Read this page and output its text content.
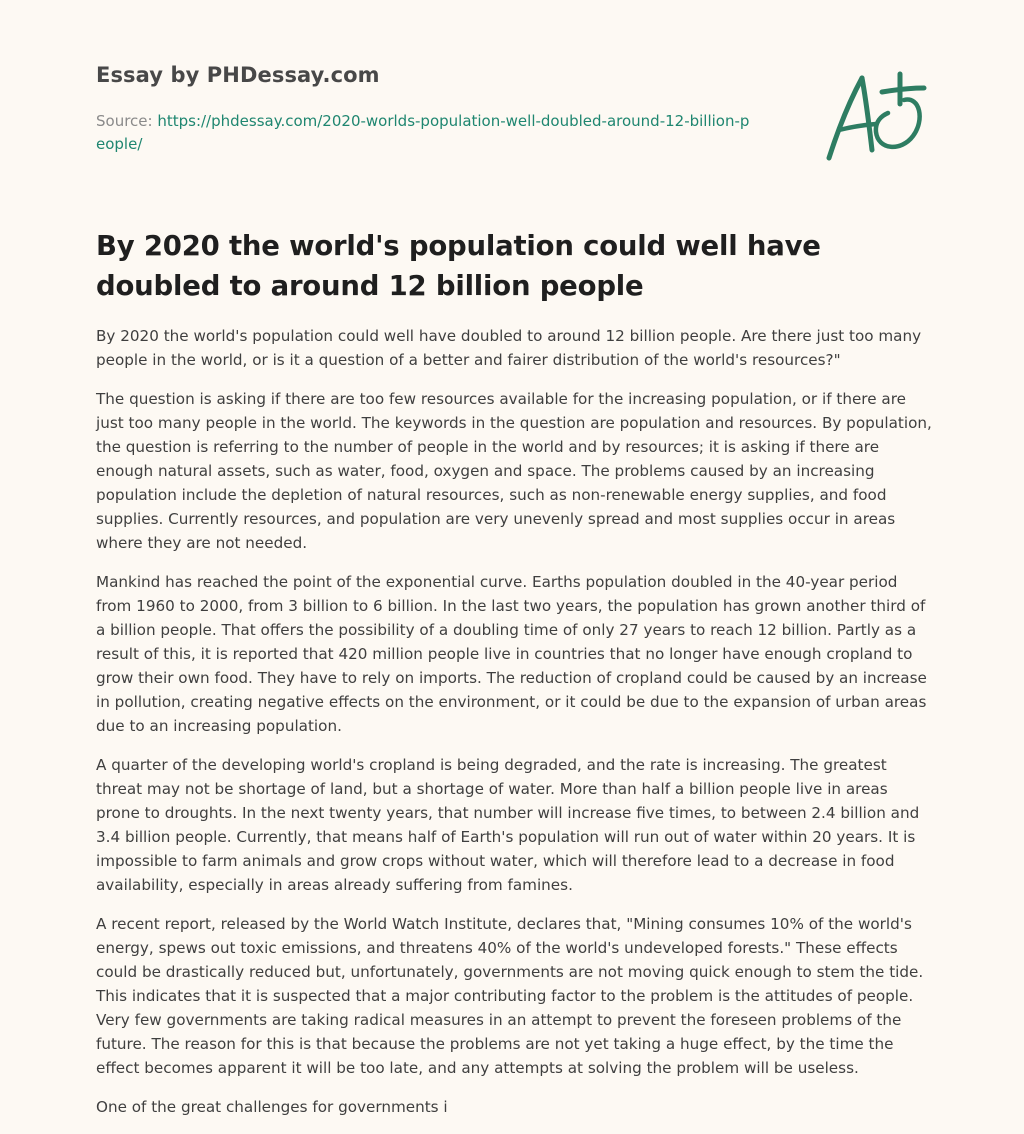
Essay by PHDessay.com

Source: https://phdessay.com/2020-worlds-population-well-doubled-around-12-billion-people/

By 2020 the world's population could well have doubled to around 12 billion people

By 2020 the world's population could well have doubled to around 12 billion people. Are there just too many people in the world, or is it a question of a better and fairer distribution of the world's resources?"

The question is asking if there are too few resources available for the increasing population, or if there are just too many people in the world. The keywords in the question are population and resources. By population, the question is referring to the number of people in the world and by resources; it is asking if there are enough natural assets, such as water, food, oxygen and space. The problems caused by an increasing population include the depletion of natural resources, such as non-renewable energy supplies, and food supplies. Currently resources, and population are very unevenly spread and most supplies occur in areas where they are not needed.

Mankind has reached the point of the exponential curve. Earths population doubled in the 40-year period from 1960 to 2000, from 3 billion to 6 billion. In the last two years, the population has grown another third of a billion people. That offers the possibility of a doubling time of only 27 years to reach 12 billion. Partly as a result of this, it is reported that 420 million people live in countries that no longer have enough cropland to grow their own food. They have to rely on imports. The reduction of cropland could be caused by an increase in pollution, creating negative effects on the environment, or it could be due to the expansion of urban areas due to an increasing population.

A quarter of the developing world's cropland is being degraded, and the rate is increasing. The greatest threat may not be shortage of land, but a shortage of water. More than half a billion people live in areas prone to droughts. In the next twenty years, that number will increase five times, to between 2.4 billion and 3.4 billion people. Currently, that means half of Earth's population will run out of water within 20 years. It is impossible to farm animals and grow crops without water, which will therefore lead to a decrease in food availability, especially in areas already suffering from famines.

A recent report, released by the World Watch Institute, declares that, "Mining consumes 10% of the world's energy, spews out toxic emissions, and threatens 40% of the world's undeveloped forests." These effects could be drastically reduced but, unfortunately, governments are not moving quick enough to stem the tide. This indicates that it is suspected that a major contributing factor to the problem is the attitudes of people. Very few governments are taking radical measures in an attempt to prevent the foreseen problems of the future. The reason for this is that because the problems are not yet taking a huge effect, by the time the effect becomes apparent it will be too late, and any attempts at solving the problem will be useless.

One of the great challenges for governments i
